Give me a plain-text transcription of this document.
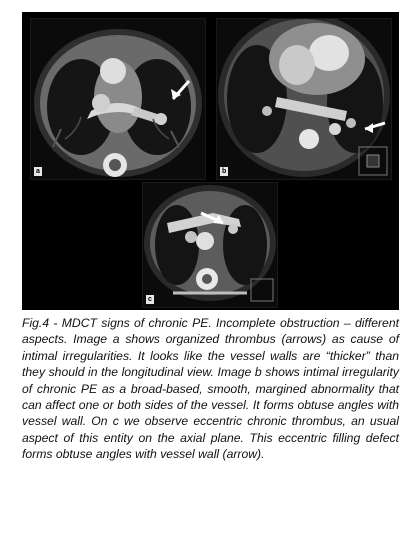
a	b
c

Fig.4 - MDCT signs of chronic PE. Incomplete obstruction – different aspects. Image a shows organized thrombus (arrows) as cause of intimal irregularities. It looks like the vessel walls are “thicker” than they should in the longitudinal view. Image b shows intimal irregularity of chronic PE as a broad-based, smooth, margined abnormality that can affect one or both sides of the vessel. It forms obtuse angles with vessel wall. On c we observe eccentric chronic thrombus, an usual aspect of this entity on the axial plane. This eccentric filling defect forms obtuse angles with vessel wall (arrow).
